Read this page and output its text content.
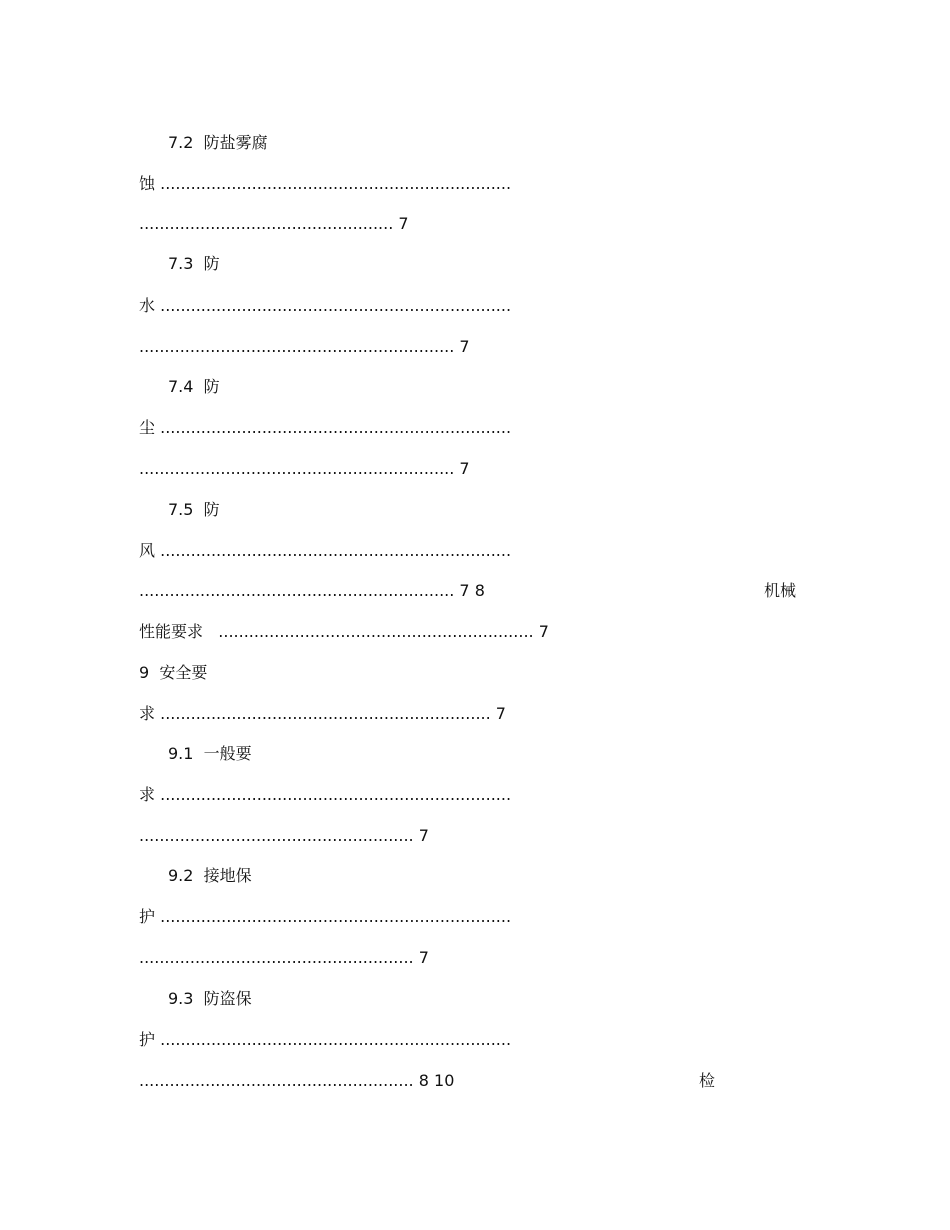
7.2 防盐雾腐
蚀 .....................................................................
.................................................. 7
7.3 防
水 .....................................................................
.............................................................. 7
7.4 防
尘 .....................................................................
.............................................................. 7
7.5 防
风 .....................................................................
.............................................................. 7 8	机械
性能要求 .............................................................. 7
9 安全要
求 ................................................................. 7
9.1 一般要
求 .....................................................................
...................................................... 7
9.2 接地保
护 .....................................................................
...................................................... 7
9.3 防盗保
护 .....................................................................
...................................................... 8 10	检
